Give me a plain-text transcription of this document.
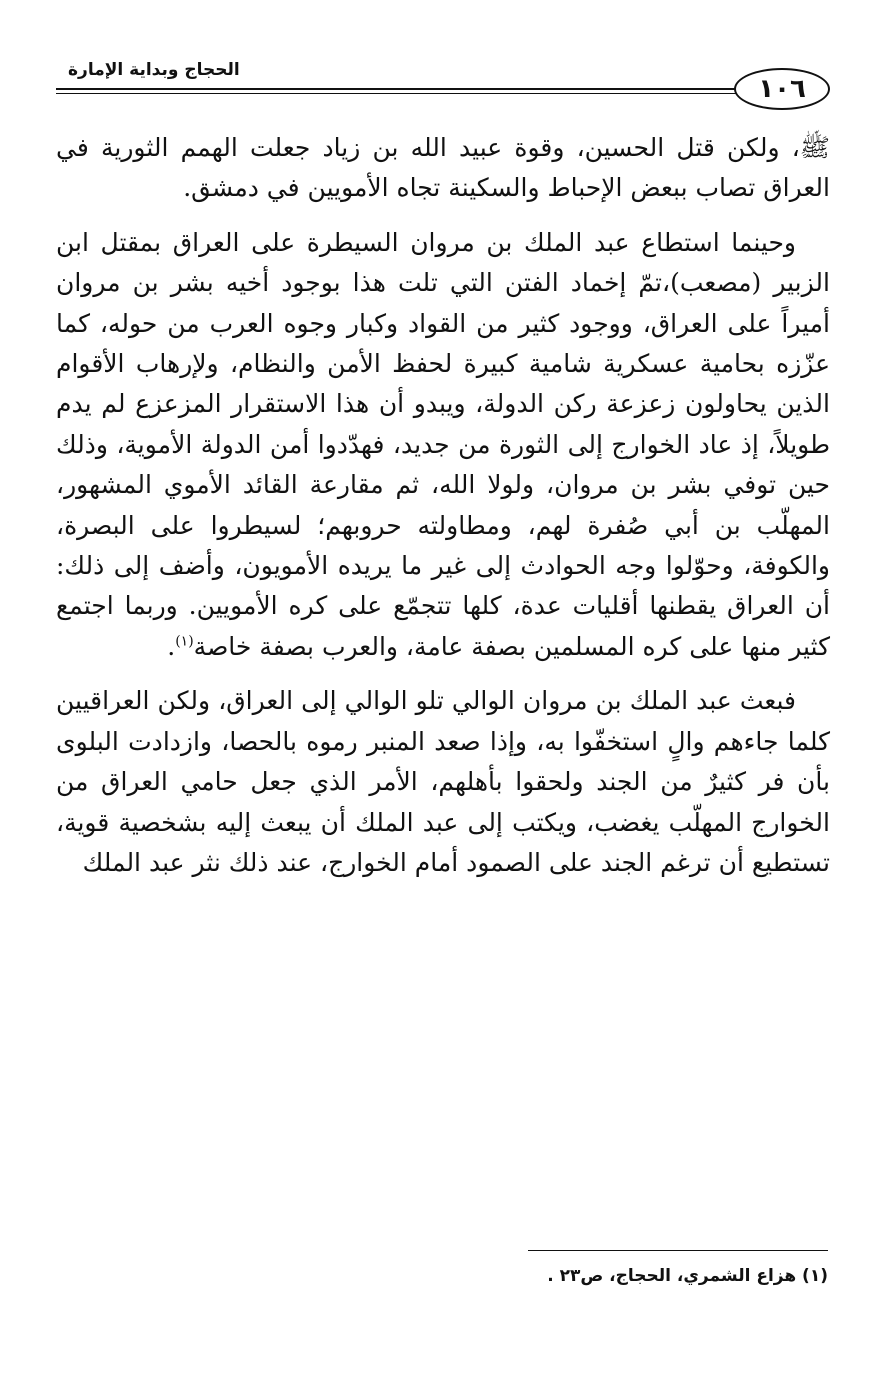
الحجاج وبداية الإمارة
١٠٦

ﷺ، ولكن قتل الحسين، وقوة عبيد الله بن زياد جعلت الهمم الثورية في العراق تصاب ببعض الإحباط والسكينة تجاه الأمويين في دمشق.

وحينما استطاع عبد الملك بن مروان السيطرة على العراق بمقتل ابن الزبير (مصعب)،تمّ إخماد الفتن التي تلت هذا بوجود أخيه بشر بن مروان أميراً على العراق، ووجود كثير من القواد وكبار وجوه العرب من حوله، كما عزّزه بحامية عسكرية شامية كبيرة لحفظ الأمن والنظام، ولإرهاب الأقوام الذين يحاولون زعزعة ركن الدولة، ويبدو أن هذا الاستقرار المزعزع لم يدم طويلاً، إذ عاد الخوارج إلى الثورة من جديد، فهدّدوا أمن الدولة الأموية، وذلك حين توفي بشر بن مروان، ولولا الله، ثم مقارعة القائد الأموي المشهور، المهلّب بن أبي صُفرة لهم، ومطاولته حروبهم؛ لسيطروا على البصرة، والكوفة، وحوّلوا وجه الحوادث إلى غير ما يريده الأمويون، وأضف إلى ذلك: أن العراق يقطنها أقليات عدة، كلها تتجمّع على كره الأمويين. وربما اجتمع كثير منها على كره المسلمين بصفة عامة، والعرب بصفة خاصة$^{(١)}$.

فبعث عبد الملك بن مروان الوالي تلو الوالي إلى العراق، ولكن العراقيين كلما جاءهم والٍ استخفّوا به، وإذا صعد المنبر رموه بالحصا، وازدادت البلوى بأن فر كثيرٌ من الجند ولحقوا بأهلهم، الأمر الذي جعل حامي العراق من الخوارج المهلّب يغضب، ويكتب إلى عبد الملك أن يبعث إليه بشخصية قوية، تستطيع أن ترغم الجند على الصمود أمام الخوارج، عند ذلك نثر عبد الملك

(١) هزاع الشمري، الحجاج، ص٢٣ .
